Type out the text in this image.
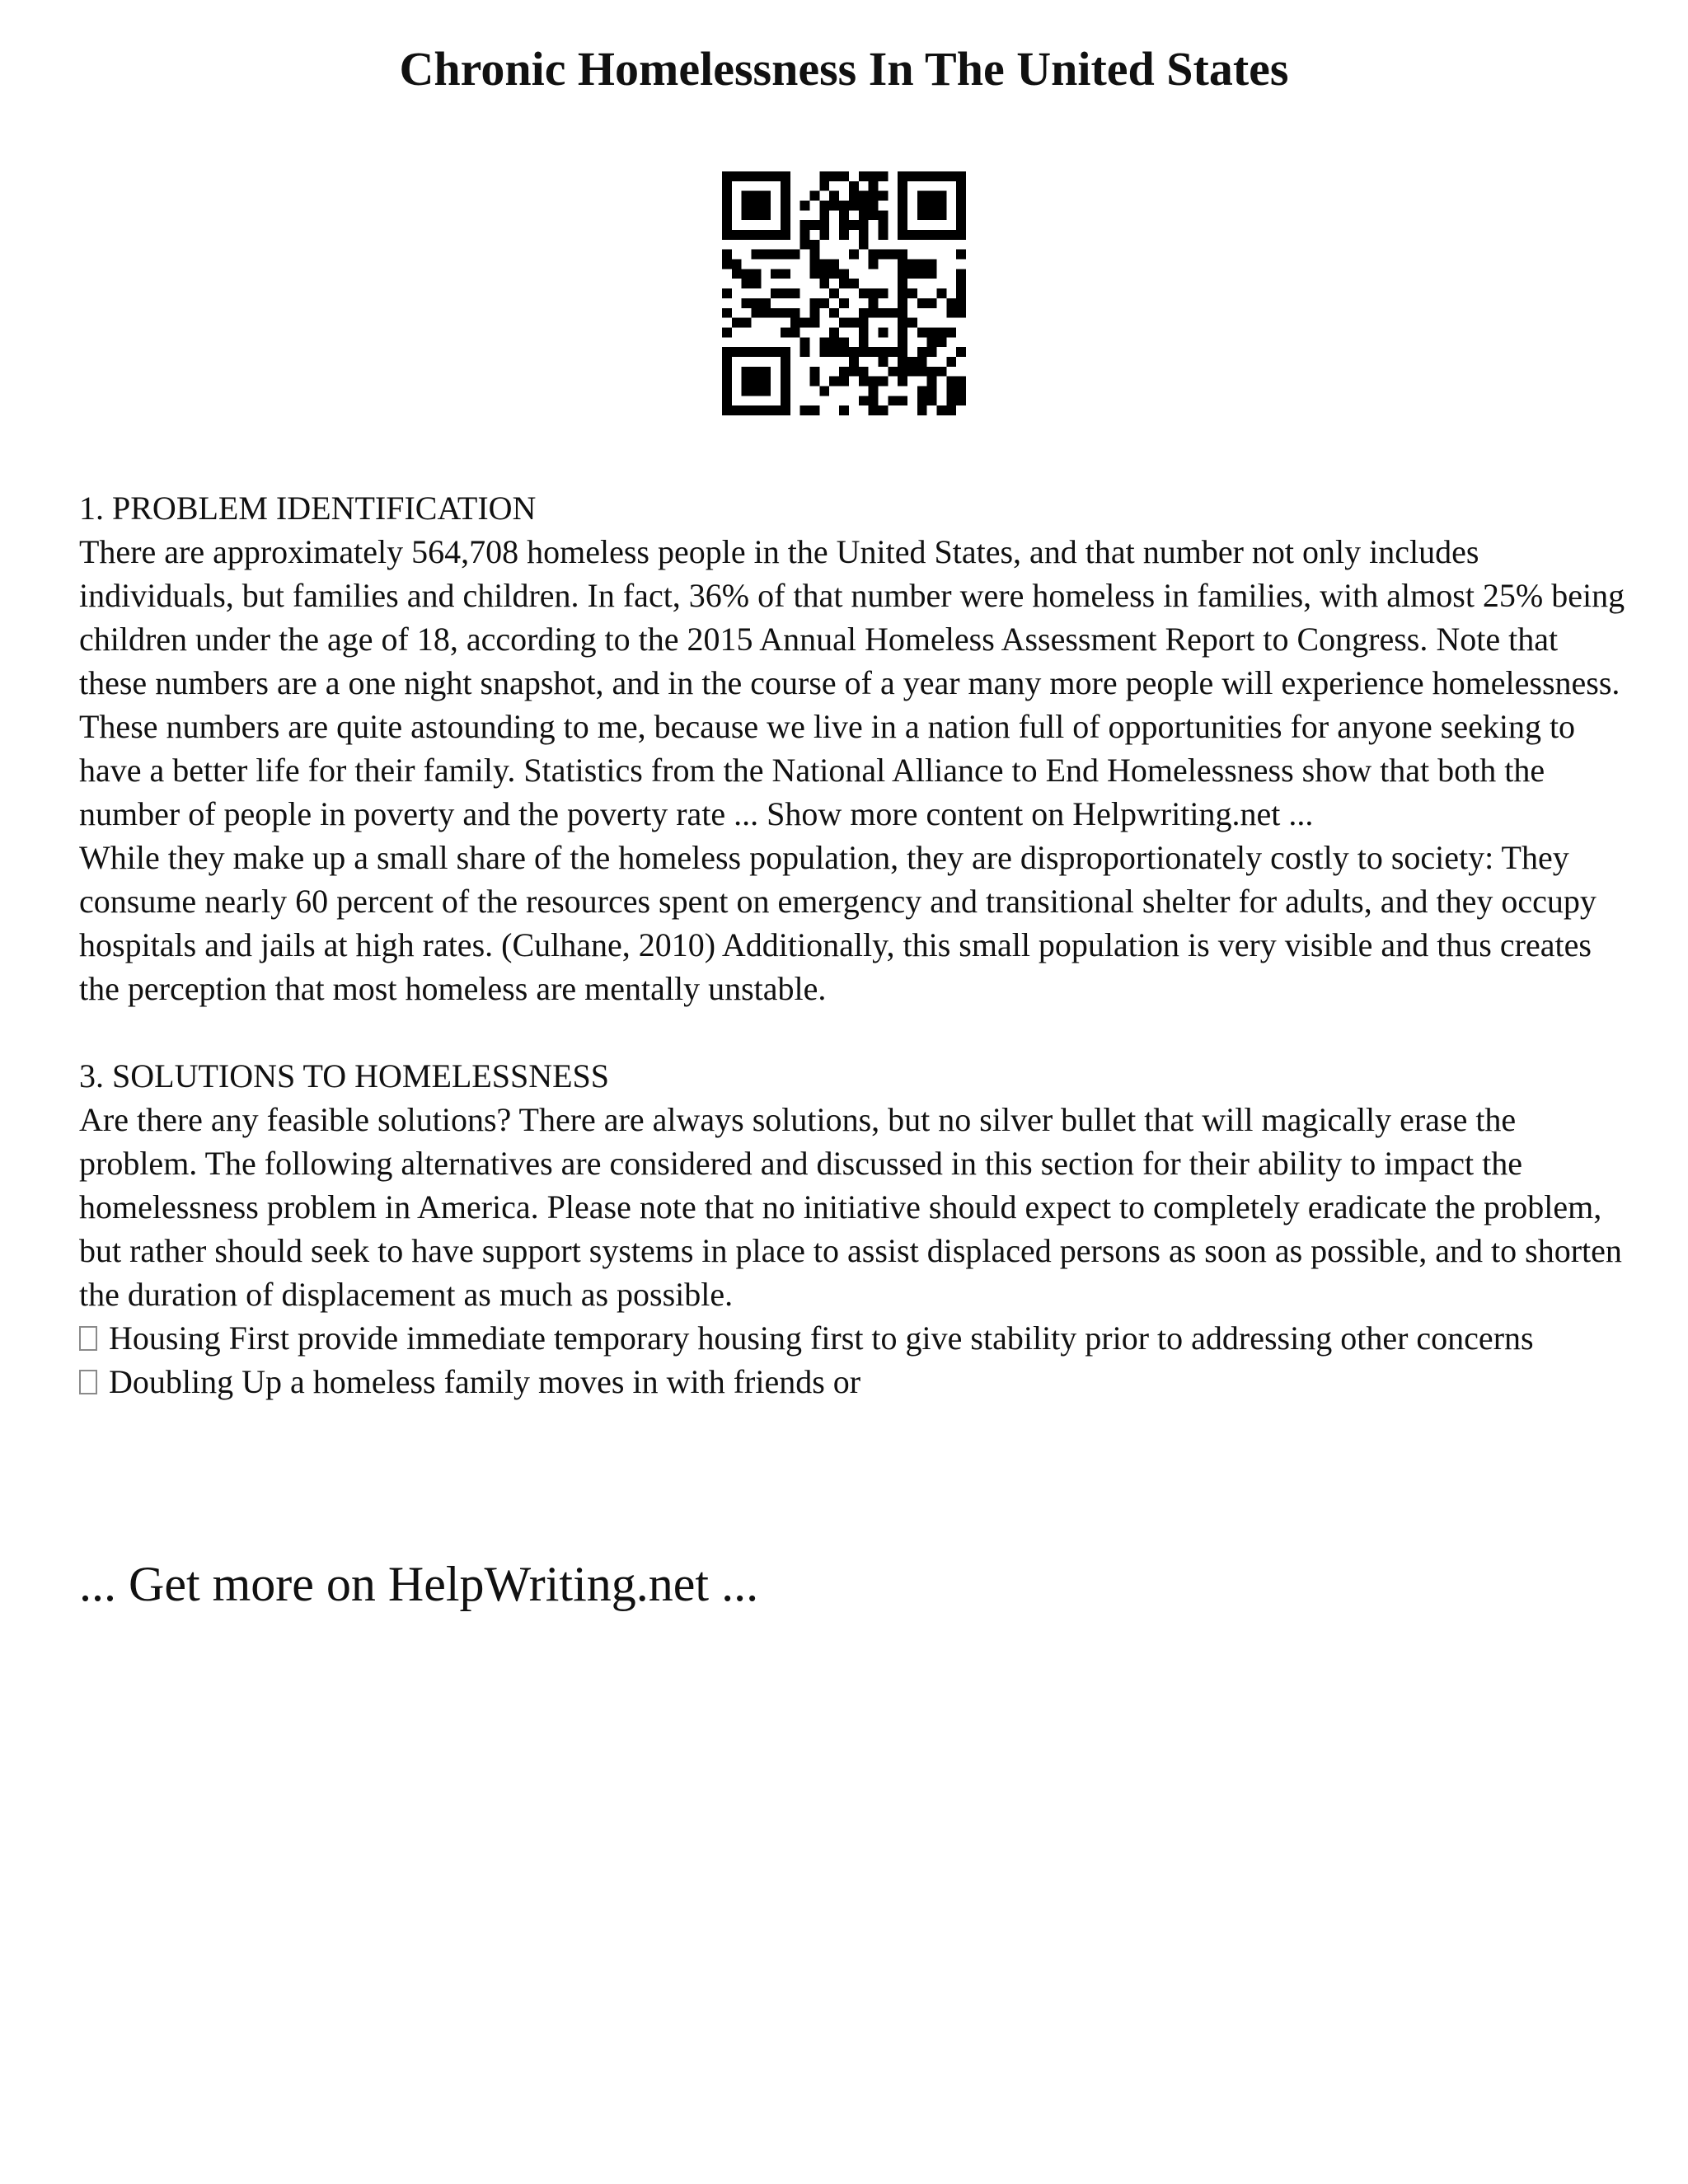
Chronic Homelessness In The United States

1. PROBLEM IDENTIFICATION

There are approximately 564,708 homeless people in the United States, and that number not only includes individuals, but families and children. In fact, 36% of that number were homeless in families, with almost 25% being children under the age of 18, according to the 2015 Annual Homeless Assessment Report to Congress. Note that these numbers are a one night snapshot, and in the course of a year many more people will experience homelessness. These numbers are quite astounding to me, because we live in a nation full of opportunities for anyone seeking to have a better life for their family. Statistics from the National Alliance to End Homelessness show that both the number of people in poverty and the poverty rate ... Show more content on Helpwriting.net ...

While they make up a small share of the homeless population, they are disproportionately costly to society: They consume nearly 60 percent of the resources spent on emergency and transitional shelter for adults, and they occupy hospitals and jails at high rates. (Culhane, 2010) Additionally, this small population is very visible and thus creates the perception that most homeless are mentally unstable.

3. SOLUTIONS TO HOMELESSNESS

Are there any feasible solutions? There are always solutions, but no silver bullet that will magically erase the problem. The following alternatives are considered and discussed in this section for their ability to impact the homelessness problem in America. Please note that no initiative should expect to completely eradicate the problem, but rather should seek to have support systems in place to assist displaced persons as soon as possible, and to shorten the duration of displacement as much as possible.

Housing First provide immediate temporary housing first to give stability prior to addressing other concerns

Doubling Up a homeless family moves in with friends or

... Get more on HelpWriting.net ...
